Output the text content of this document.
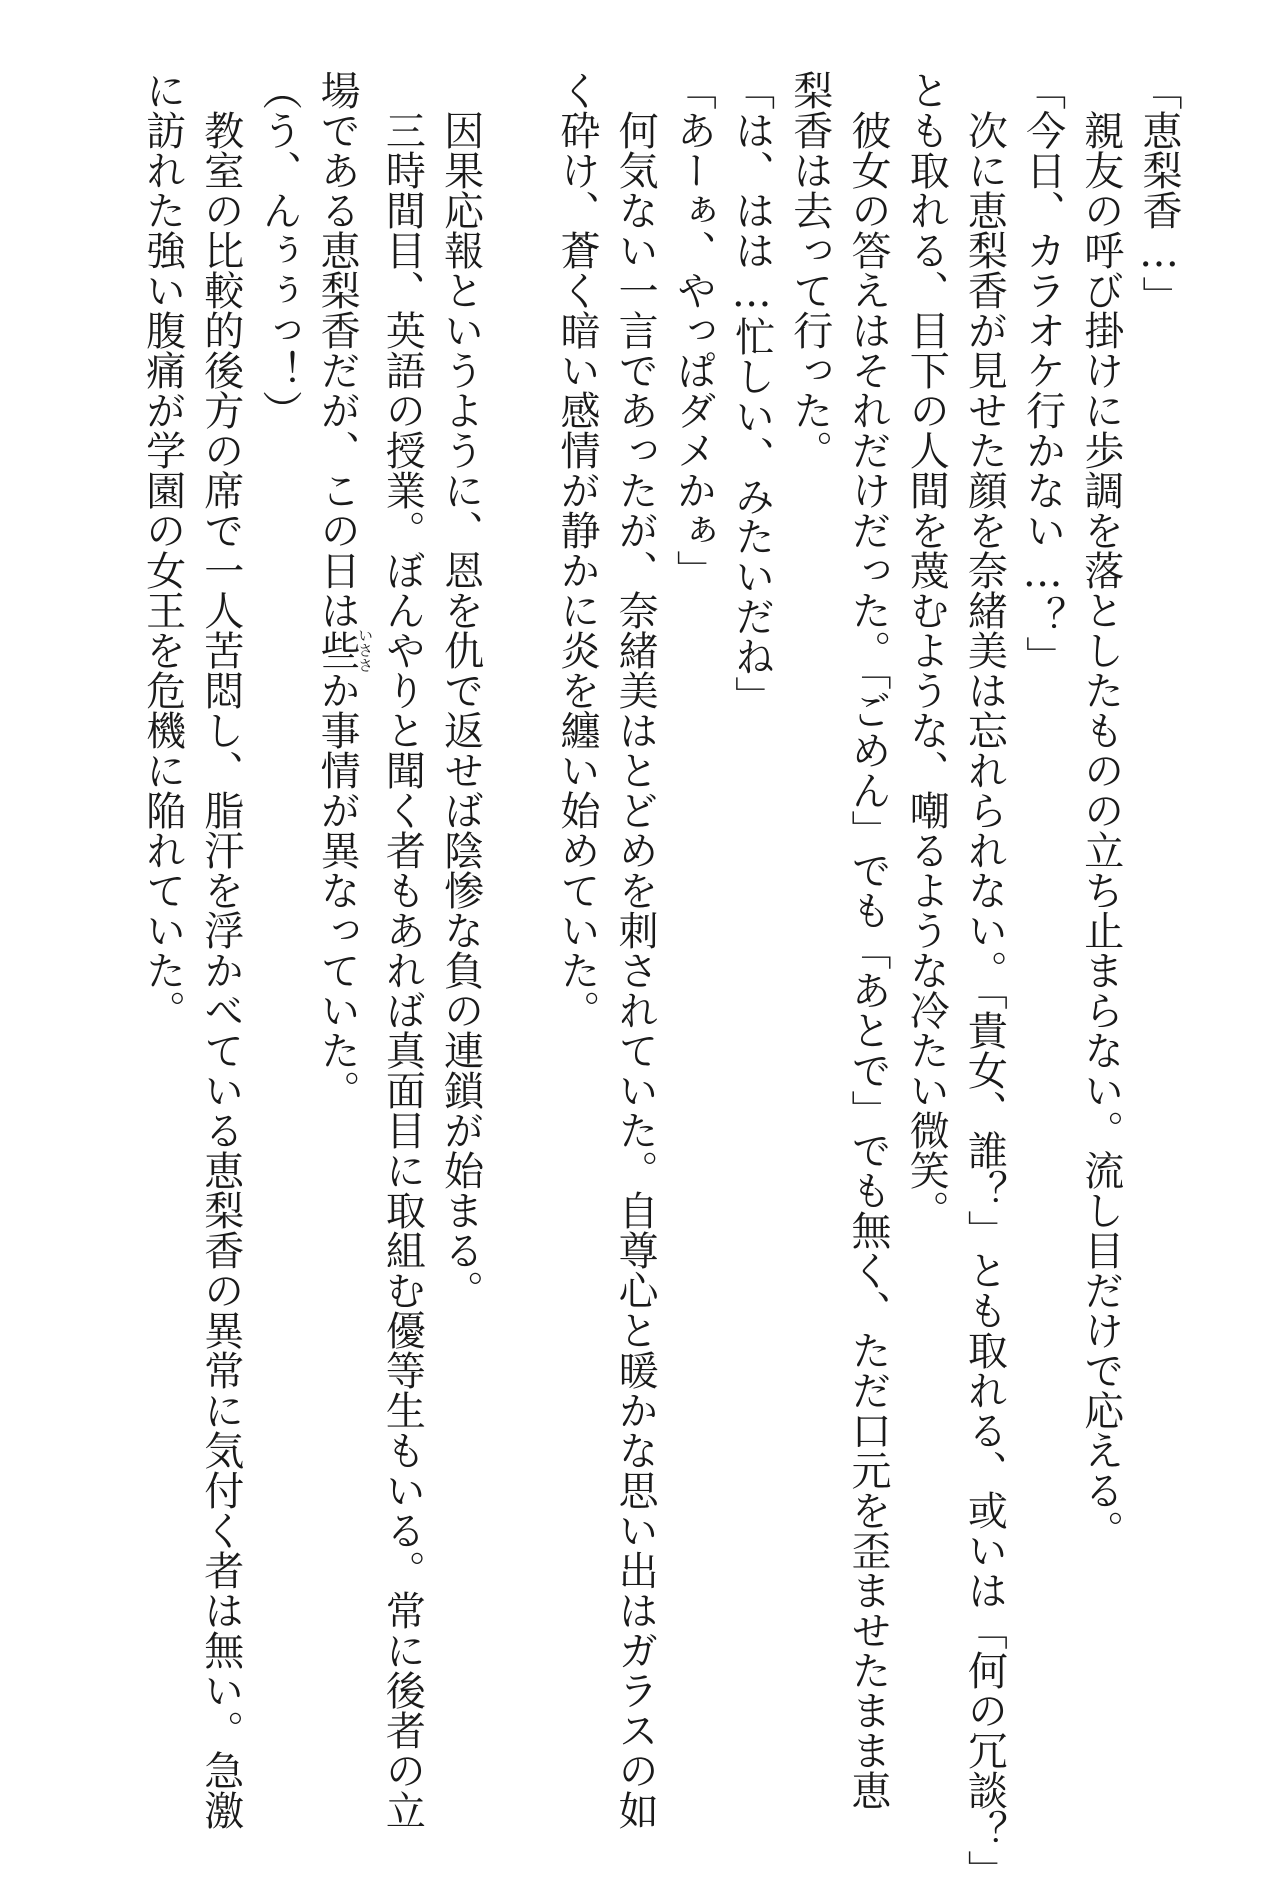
「恵梨香…」
　親友の呼び掛けに歩調を落としたものの立ち止まらない。流し目だけで応える。
「今日、カラオケ行かない…？」
　次に恵梨香が見せた顔を奈緒美は忘れられない。「貴女、誰？」とも取れる、或いは「何の冗談？」
とも取れる、目下の人間を蔑むような、嘲るような冷たい微笑。
　彼女の答えはそれだけだった。「ごめん」でも「あとで」でも無く、ただ口元を歪ませたまま恵
梨香は去って行った。
「は、はは…忙しい、みたいだね」
「あーぁ、やっぱダメかぁ」
　何気ない一言であったが、奈緒美はとどめを刺されていた。自尊心と暖かな思い出はガラスの如
く砕け、蒼く暗い感情が静かに炎を纏い始めていた。
　因果応報というように、恩を仇で返せば陰惨な負の連鎖が始まる。
　三時間目、英語の授業。ぼんやりと聞く者もあれば真面目に取組む優等生もいる。常に後者の立
場である恵梨香だが、この日は些いささか事情が異なっていた。
（う、んぅぅっ！）
　教室の比較的後方の席で一人苦悶し、脂汗を浮かべている恵梨香の異常に気付く者は無い。急激
に訪れた強い腹痛が学園の女王を危機に陥れていた。
